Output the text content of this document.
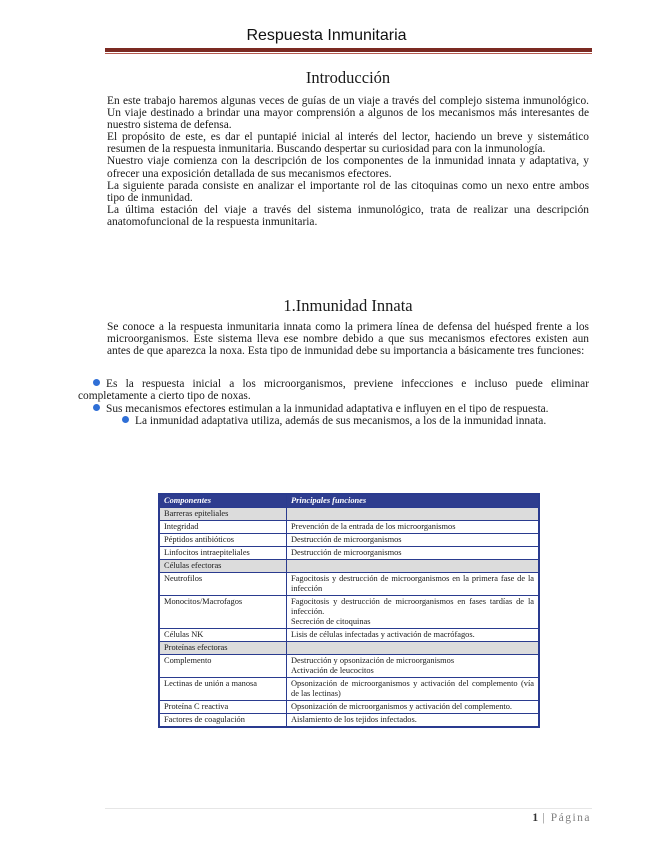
Respuesta Inmunitaria
Introducción

En este trabajo haremos algunas veces de guías de un viaje a través del complejo sistema inmunológico. Un viaje destinado a brindar una mayor comprensión a algunos de los mecanismos más interesantes de nuestro sistema de defensa.

El propósito de este, es dar el puntapié inicial al interés del lector, haciendo un breve y sistemático resumen de la respuesta inmunitaria. Buscando despertar su curiosidad para con la inmunología.

Nuestro viaje comienza con la descripción de los componentes de la inmunidad innata y adaptativa, y ofrecer una exposición detallada de sus mecanismos efectores.

La siguiente parada consiste en analizar el importante rol de las citoquinas como un nexo entre ambos tipo de inmunidad.

La última estación del viaje a través del sistema inmunológico, trata de realizar una descripción anatomofuncional de la respuesta inmunitaria.

1.Inmunidad Innata

Se conoce a la respuesta inmunitaria innata como la primera línea de defensa del huésped frente a los microorganismos. Este sistema lleva ese nombre debido a que sus mecanismos efectores existen aun antes de que aparezca la noxa. Esta tipo de inmunidad debe su importancia a básicamente tres funciones:

Es la respuesta inicial a los microorganismos, previene infecciones e incluso puede eliminar completamente a cierto tipo de noxas.

Sus mecanismos efectores estimulan a la inmunidad adaptativa e influyen en el tipo de respuesta.

La inmunidad adaptativa utiliza, además de sus mecanismos, a los de la inmunidad innata.

Componentes	Principales funciones
Barreras epiteliales	
Integridad	Prevención de la entrada de los microorganismos
Péptidos antibióticos	Destrucción de microorganismos
Linfocitos intraepiteliales	Destrucción de microorganismos
Células efectoras	
Neutrofilos	Fagocitosis y destrucción de microorganismos en la primera fase de la infección
Monocitos/Macrofagos	Fagocitosis y destrucción de microorganismos en fases tardías de la infección.
Secreción de citoquinas

Células NK	Lisis de células infectadas y activación de macrófagos.
Proteínas efectoras	
Complemento	Destrucción y opsonización de microorganismos
Activación de leucocitos

Lectinas de unión a manosa	Opsonización de microorganismos y activación del complemento (vía de las lectinas)
Proteína C reactiva	Opsonización de microorganismos y activación del complemento.
Factores de coagulación	Aislamiento de los tejidos infectados.
1 | Página
